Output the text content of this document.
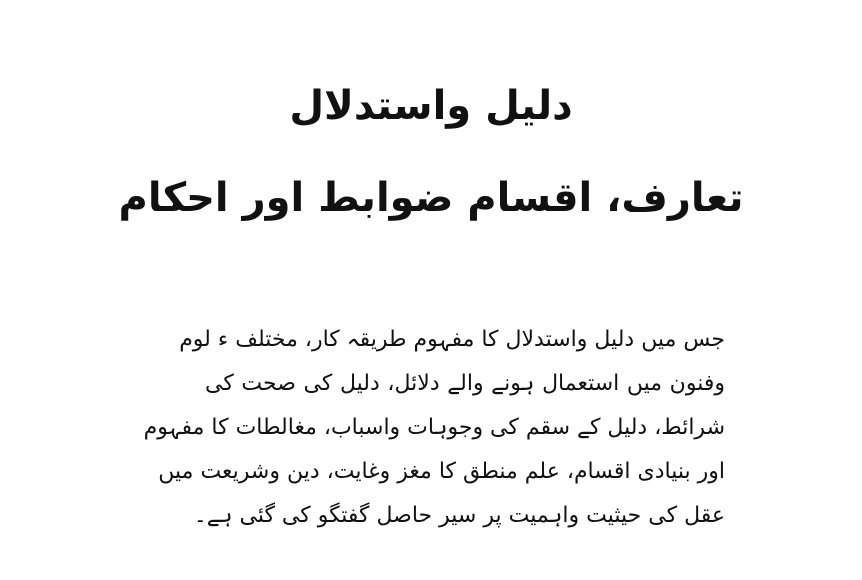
دلیل واستدلال
تعارف، اقسام ضوابط اور احکام
جس میں دلیل واستدلال کا مفہوم طریقہ کار، مختلف ء لوم
وفنون میں استعمال ہونے والے دلائل، دلیل کی صحت کی
شرائط، دلیل کے سقم کی وجوہات واسباب، مغالطات کا مفہوم
اور بنیادی اقسام، علم منطق کا مغز وغایت، دین وشریعت میں
عقل کی حیثیت واہمیت پر سیر حاصل گفتگو کی گئی ہے۔
